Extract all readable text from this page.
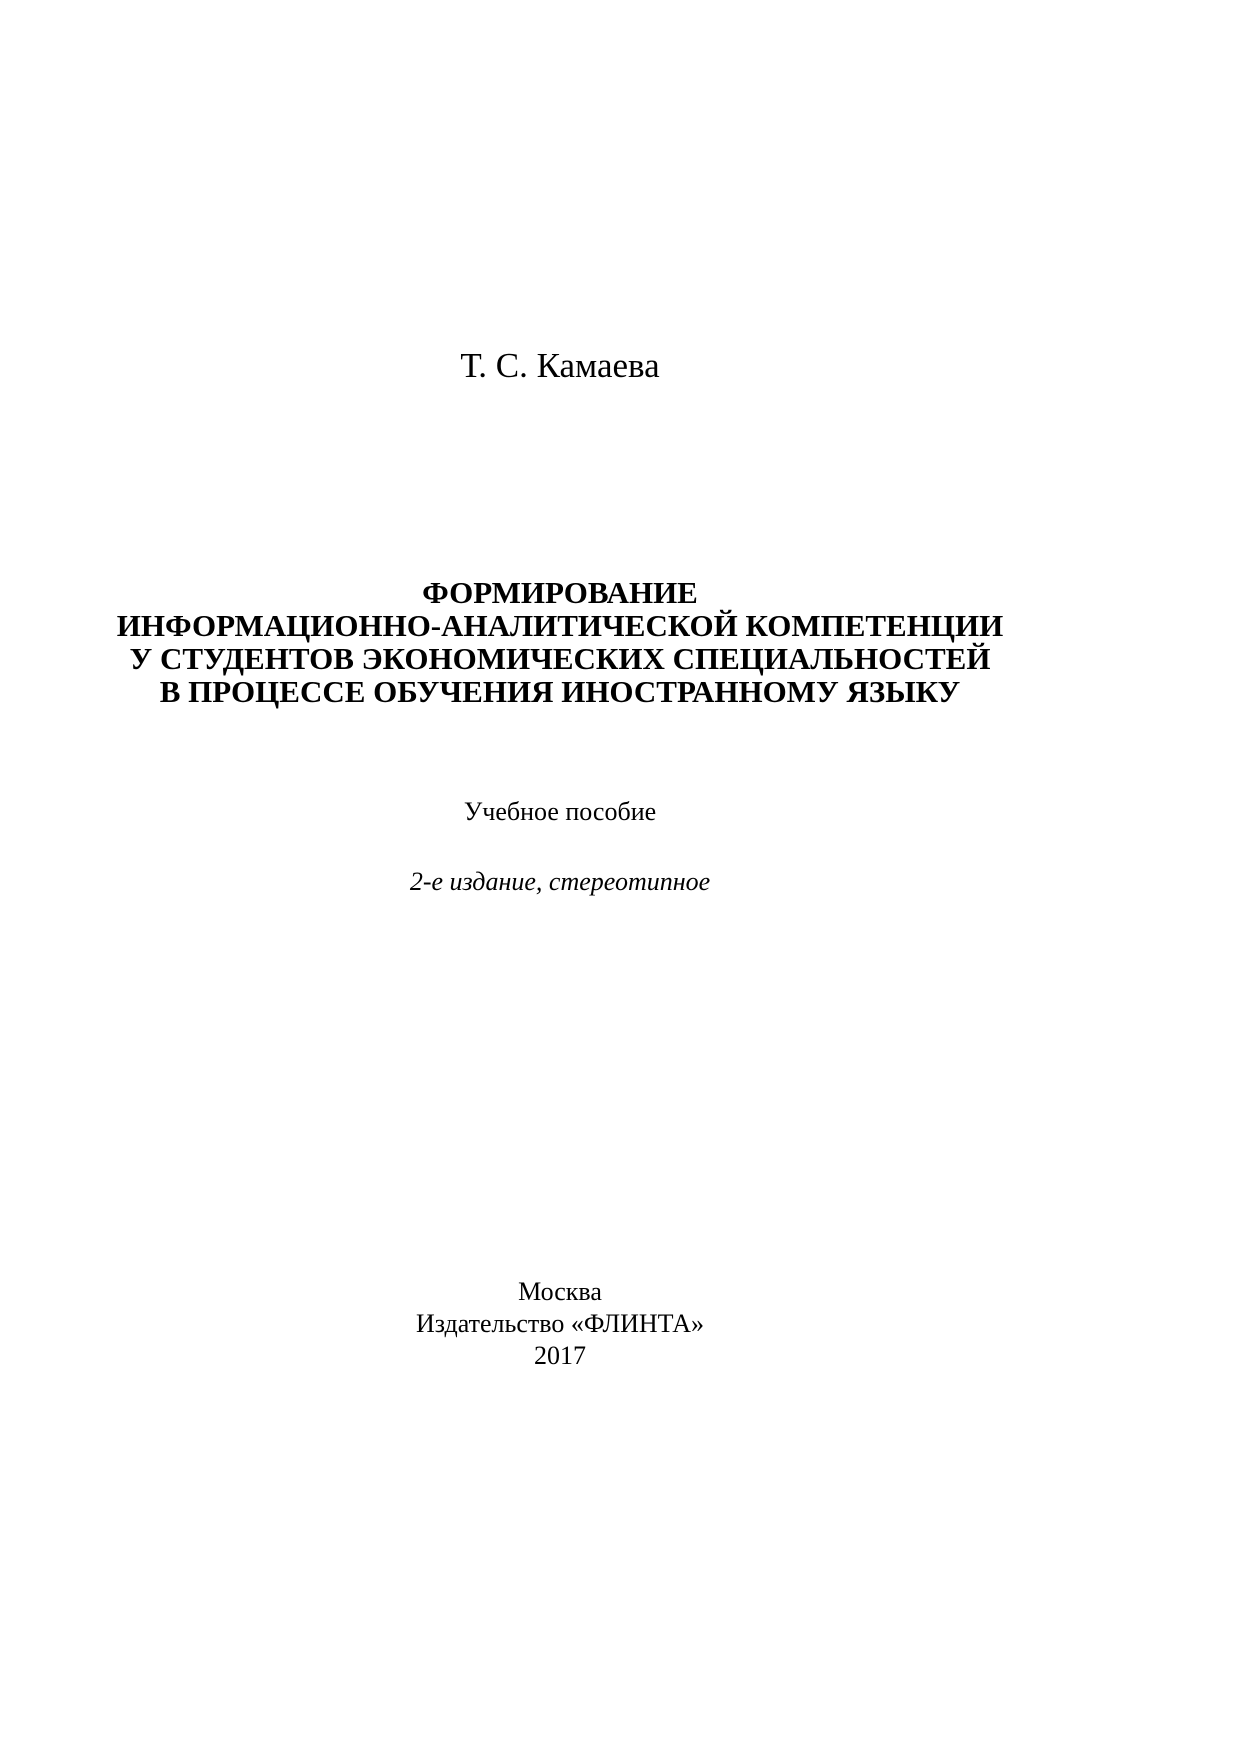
Т. С. Камаева
ФОРМИРОВАНИЕ
ИНФОРМАЦИОННО-АНАЛИТИЧЕСКОЙ КОМПЕТЕНЦИИ
У СТУДЕНТОВ ЭКОНОМИЧЕСКИХ СПЕЦИАЛЬНОСТЕЙ
В ПРОЦЕССЕ ОБУЧЕНИЯ ИНОСТРАННОМУ ЯЗЫКУ
Учебное пособие
2-е издание, стереотипное
Москва
Издательство «ФЛИНТА»
2017
